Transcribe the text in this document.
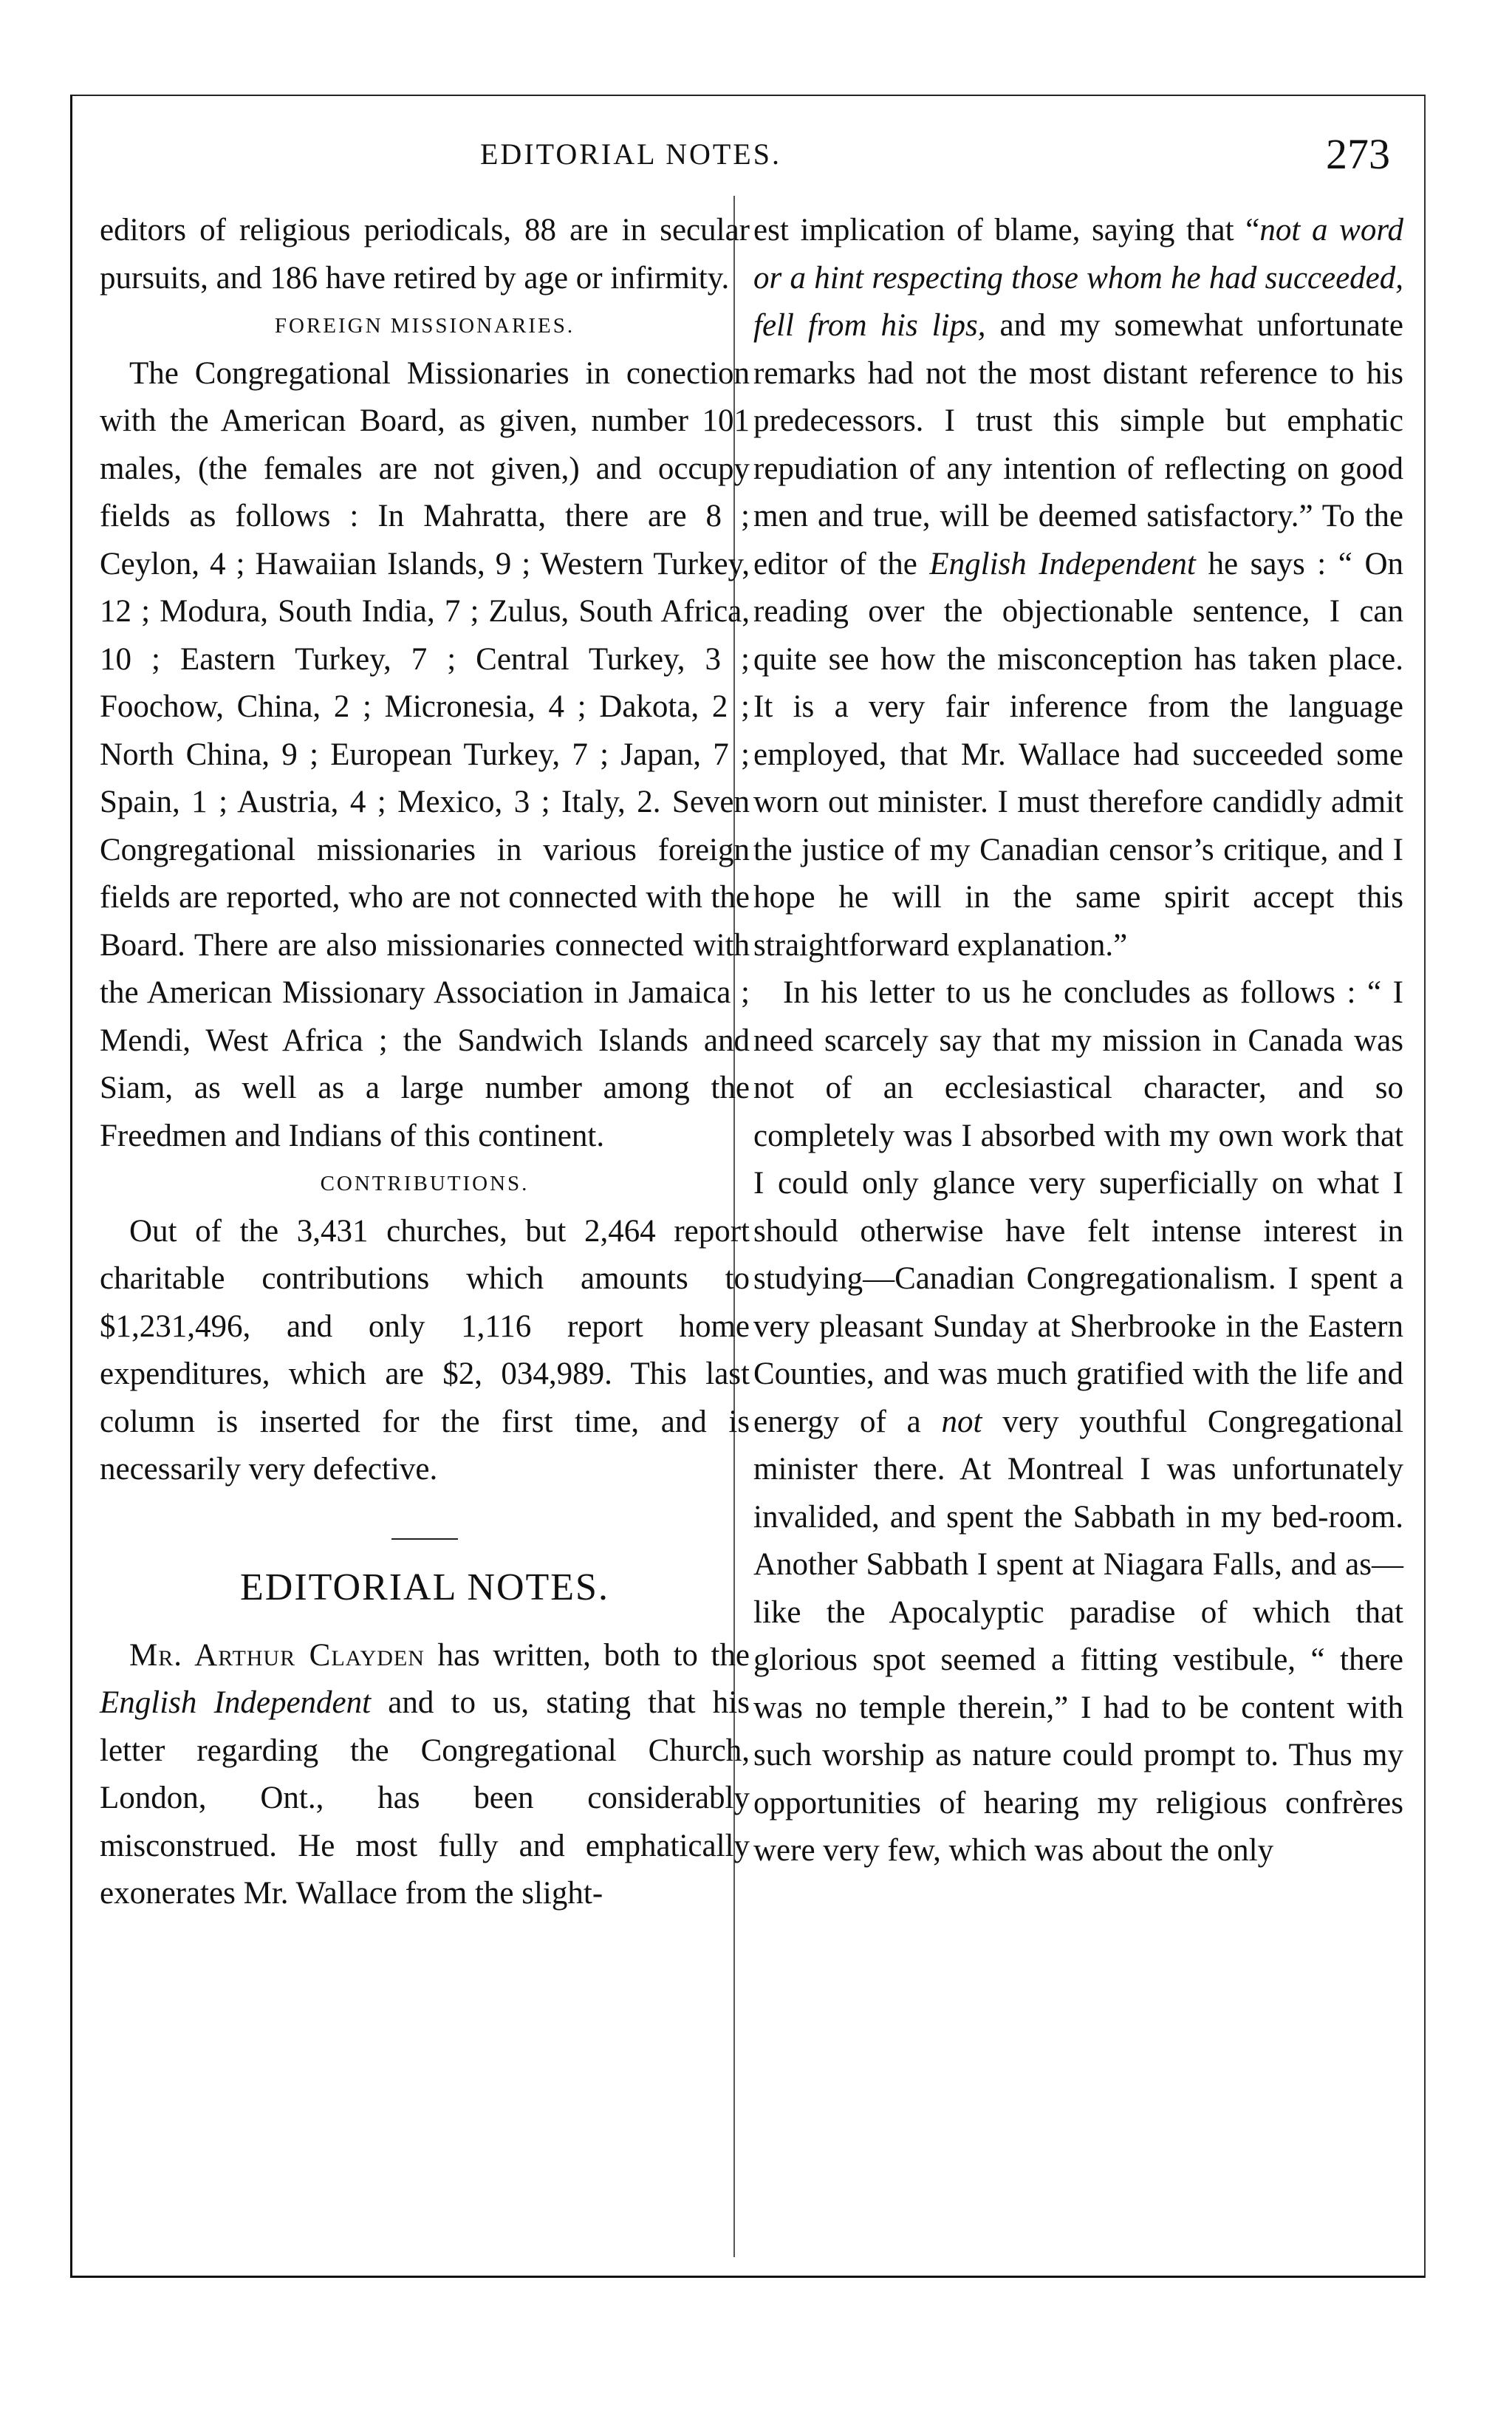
EDITORIAL NOTES.	273

editors of religious periodicals, 88 are in secular pursuits, and 186 have retired by age or infirmity.

FOREIGN MISSIONARIES.

The Congregational Missionaries in conection with the American Board, as given, number 101 males, (the females are not given,) and occupy fields as follows : In Mahratta, there are 8 ; Ceylon, 4 ; Hawaiian Islands, 9 ; Western Turkey, 12 ; Modura, South India, 7 ; Zulus, South Africa, 10 ; Eastern Turkey, 7 ; Central Turkey, 3 ; Foochow, China, 2 ; Micronesia, 4 ; Dakota, 2 ; North China, 9 ; European Turkey, 7 ; Japan, 7 ; Spain, 1 ; Austria, 4 ; Mexico, 3 ; Italy, 2. Seven Congregational missionaries in various foreign fields are reported, who are not connected with the Board. There are also missionaries connected with the American Missionary Association in Jamaica ; Mendi, West Africa ; the Sandwich Islands and Siam, as well as a large number among the Freedmen and Indians of this continent.

CONTRIBUTIONS.

Out of the 3,431 churches, but 2,464 report charitable contributions which amounts to $1,231,496, and only 1,116 report home expenditures, which are $2, 034,989. This last column is inserted for the first time, and is necessarily very defective.

EDITORIAL NOTES.

Mr. Arthur Clayden has written, both to the English Independent and to us, stating that his letter regarding the Congregational Church, London, Ont., has been considerably misconstrued. He most fully and emphatically exonerates Mr. Wallace from the slight-

est implication of blame, saying that “not a word or a hint respecting those whom he had succeeded, fell from his lips, and my somewhat unfortunate remarks had not the most distant reference to his predecessors. I trust this simple but emphatic repudiation of any intention of reflecting on good men and true, will be deemed satisfactory.” To the editor of the English Independent he says : “ On reading over the objectionable sentence, I can quite see how the misconception has taken place. It is a very fair inference from the language employed, that Mr. Wallace had succeeded some worn out minister. I must therefore candidly admit the justice of my Canadian censor’s critique, and I hope he will in the same spirit accept this straightforward explanation.”

In his letter to us he concludes as follows : “ I need scarcely say that my mission in Canada was not of an ecclesiastical character, and so completely was I absorbed with my own work that I could only glance very superficially on what I should otherwise have felt intense interest in studying—Canadian Congregationalism. I spent a very pleasant Sunday at Sherbrooke in the Eastern Counties, and was much gratified with the life and energy of a not very youthful Congregational minister there. At Montreal I was unfortunately invalided, and spent the Sabbath in my bed-room. Another Sabbath I spent at Niagara Falls, and as—like the Apocalyptic paradise of which that glorious spot seemed a fitting vestibule, “ there was no temple therein,” I had to be content with such worship as nature could prompt to. Thus my opportunities of hearing my religious confrères were very few, which was about the only
